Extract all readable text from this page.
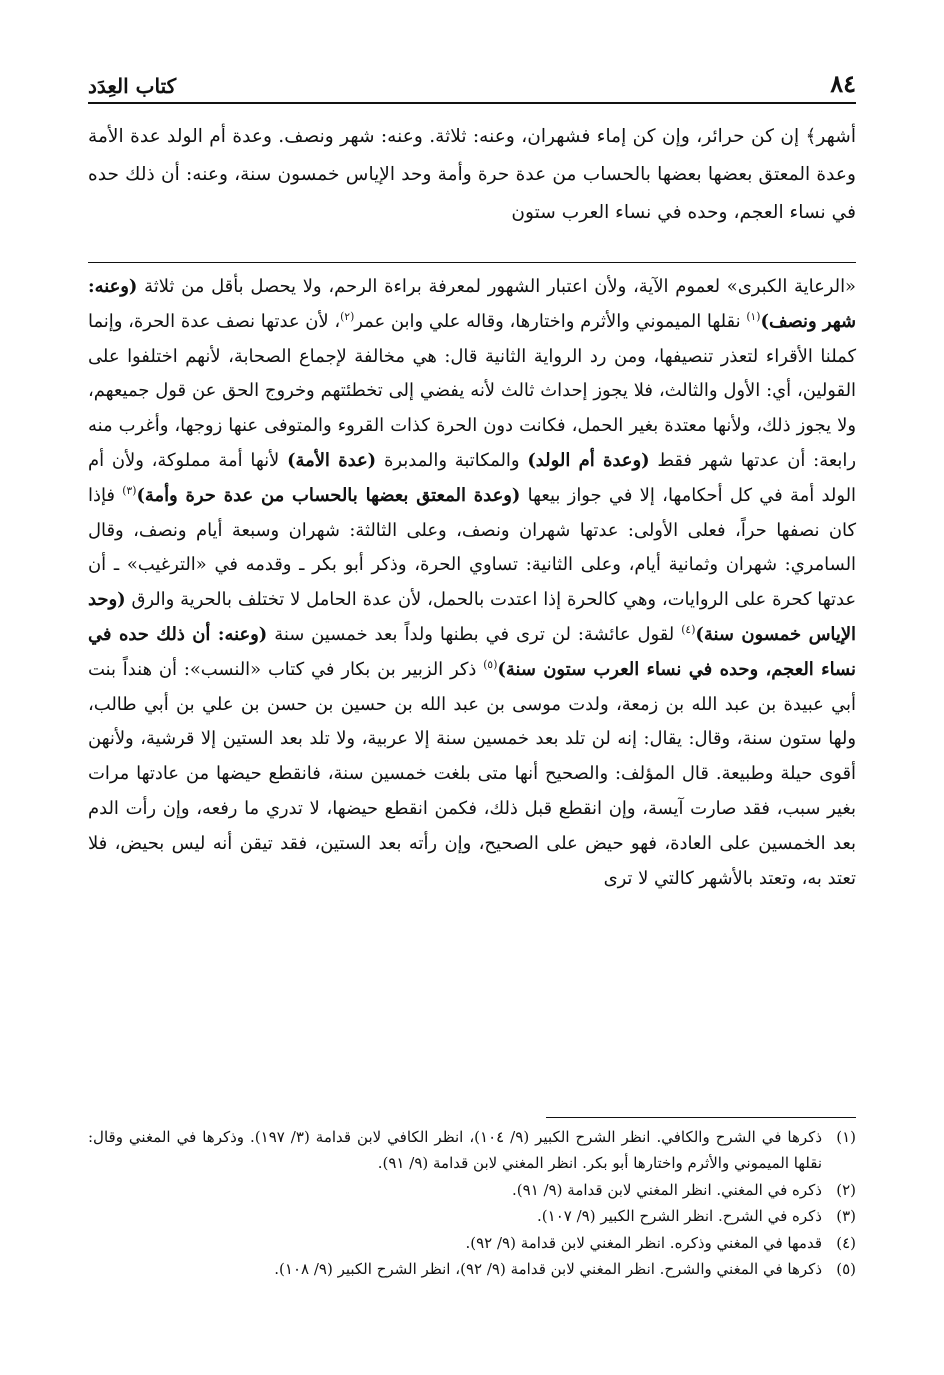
٨٤
كتاب العِدَد
أشهر﴾ إن كن حرائر، وإن كن إماء فشهران، وعنه: ثلاثة. وعنه: شهر ونصف. وعدة أم الولد عدة الأمة وعدة المعتق بعضها بعضها بالحساب من عدة حرة وأمة وحد الإياس خمسون سنة، وعنه: أن ذلك حده في نساء العجم، وحده في نساء العرب ستون
«الرعاية الكبرى» لعموم الآية، ولأن اعتبار الشهور لمعرفة براءة الرحم، ولا يحصل بأقل من ثلاثة (وعنه: شهر ونصف)$^{(١)}$ نقلها الميموني والأثرم واختارها، وقاله علي وابن عمر$^{(٢)}$، لأن عدتها نصف عدة الحرة، وإنما كملنا الأقراء لتعذر تنصيفها، ومن رد الرواية الثانية قال: هي مخالفة لإجماع الصحابة، لأنهم اختلفوا على القولين، أي: الأول والثالث، فلا يجوز إحداث ثالث لأنه يفضي إلى تخطئتهم وخروج الحق عن قول جميعهم، ولا يجوز ذلك، ولأنها معتدة بغير الحمل، فكانت دون الحرة كذات القروء والمتوفى عنها زوجها، وأغرب منه رابعة: أن عدتها شهر فقط (وعدة أم الولد) والمكاتبة والمدبرة (عدة الأمة) لأنها أمة مملوكة، ولأن أم الولد أمة في كل أحكامها، إلا في جواز بيعها (وعدة المعتق بعضها بالحساب من عدة حرة وأمة)$^{(٣)}$ فإذا كان نصفها حراً، فعلى الأولى: عدتها شهران ونصف، وعلى الثالثة: شهران وسبعة أيام ونصف، وقال السامري: شهران وثمانية أيام، وعلى الثانية: تساوي الحرة، وذكر أبو بكر ـ وقدمه في «الترغيب» ـ أن عدتها كحرة على الروايات، وهي كالحرة إذا اعتدت بالحمل، لأن عدة الحامل لا تختلف بالحرية والرق (وحد الإياس خمسون سنة)$^{(٤)}$ لقول عائشة: لن ترى في بطنها ولداً بعد خمسين سنة (وعنه: أن ذلك حده في نساء العجم، وحده في نساء العرب ستون سنة)$^{(٥)}$ ذكر الزبير بن بكار في كتاب «النسب»: أن هنداً بنت أبي عبيدة بن عبد الله بن زمعة، ولدت موسى بن عبد الله بن حسين بن حسن بن علي بن أبي طالب، ولها ستون سنة، وقال: يقال: إنه لن تلد بعد خمسين سنة إلا عربية، ولا تلد بعد الستين إلا قرشية، ولأنهن أقوى حيلة وطبيعة. قال المؤلف: والصحيح أنها متى بلغت خمسين سنة، فانقطع حيضها من عادتها مرات بغير سبب، فقد صارت آيسة، وإن انقطع قبل ذلك، فكمن انقطع حيضها، لا تدري ما رفعه، وإن رأت الدم بعد الخمسين على العادة، فهو حيض على الصحيح، وإن رأته بعد الستين، فقد تيقن أنه ليس بحيض، فلا تعتد به، وتعتد بالأشهر كالتي لا ترى
(١)
ذكرها في الشرح والكافي. انظر الشرح الكبير (٩/ ١٠٤)، انظر الكافي لابن قدامة (٣/ ١٩٧). وذكرها في المغني وقال: نقلها الميموني والأثرم واختارها أبو بكر. انظر المغني لابن قدامة (٩/ ٩١).
(٢)
ذكره في المغني. انظر المغني لابن قدامة (٩/ ٩١).
(٣)
ذكره في الشرح. انظر الشرح الكبير (٩/ ١٠٧).
(٤)
قدمها في المغني وذكره. انظر المغني لابن قدامة (٩/ ٩٢).
(٥)
ذكرها في المغني والشرح. انظر المغني لابن قدامة (٩/ ٩٢)، انظر الشرح الكبير (٩/ ١٠٨).
